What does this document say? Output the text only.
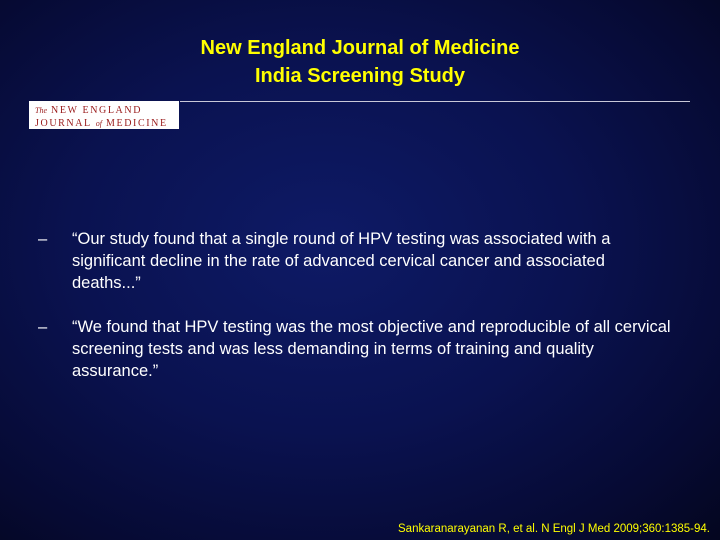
New England Journal of Medicine
India Screening Study
The NEW ENGLAND
JOURNAL of MEDICINE
–	“Our study found that a single round of HPV testing was associated with a significant decline in the rate of advanced cervical cancer and associated deaths...”
–	“We found that HPV testing was the most objective and reproducible of all cervical screening tests and was less demanding in terms of training and quality assurance.”
Sankaranarayanan R, et al. N Engl J Med 2009;360:1385-94.
